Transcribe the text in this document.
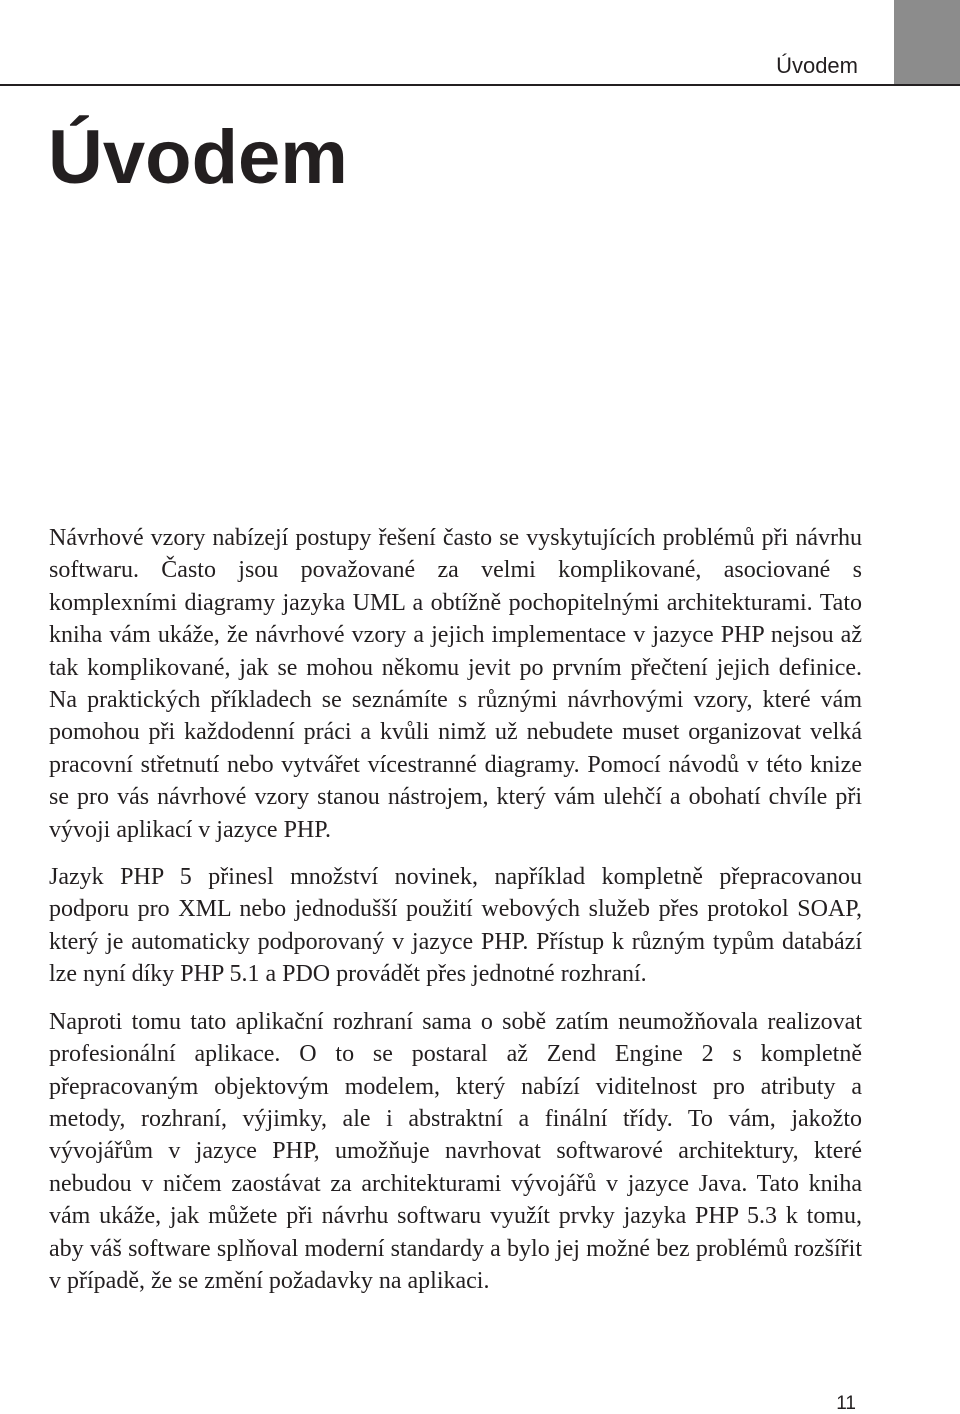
Úvodem

Úvodem

Návrhové vzory nabízejí postupy řešení často se vyskytujících problémů při návrhu softwaru. Často jsou považované za velmi komplikované, asociované s komplexními diagramy jazyka UML a obtížně pochopitelnými architekturami. Tato kniha vám ukáže, že návrhové vzory a jejich implementace v jazyce PHP nejsou až tak komplikované, jak se mohou někomu jevit po prvním přečtení jejich definice. Na praktických příkladech se seznámíte s různými návrhovými vzory, které vám pomohou při každodenní práci a kvůli nimž už nebudete muset organizovat velká pracovní střetnutí nebo vytvářet vícestranné diagramy. Pomocí návodů v této knize se pro vás návrhové vzory stanou nástrojem, který vám ulehčí a obohatí chvíle při vývoji aplikací v jazyce PHP.

Jazyk PHP 5 přinesl množství novinek, například kompletně přepracovanou podporu pro XML nebo jednodušší použití webových služeb přes protokol SOAP, který je automaticky podporovaný v jazyce PHP. Přístup k různým typům databází lze nyní díky PHP 5.1 a PDO provádět přes jednotné rozhraní.

Naproti tomu tato aplikační rozhraní sama o sobě zatím neumožňovala realizovat profesionální aplikace. O to se postaral až Zend Engine 2 s kompletně přepracovaným objektovým modelem, který nabízí viditelnost pro atributy a metody, rozhraní, výjimky, ale i abstraktní a finální třídy. To vám, jakožto vývojářům v jazyce PHP, umožňuje navrhovat softwarové architektury, které nebudou v ničem zaostávat za architekturami vývojářů v jazyce Java. Tato kniha vám ukáže, jak můžete při návrhu softwaru využít prvky jazyka PHP 5.3 k tomu, aby váš software splňoval moderní standardy a bylo jej možné bez problémů rozšířit v případě, že se změní požadavky na aplikaci.

11
